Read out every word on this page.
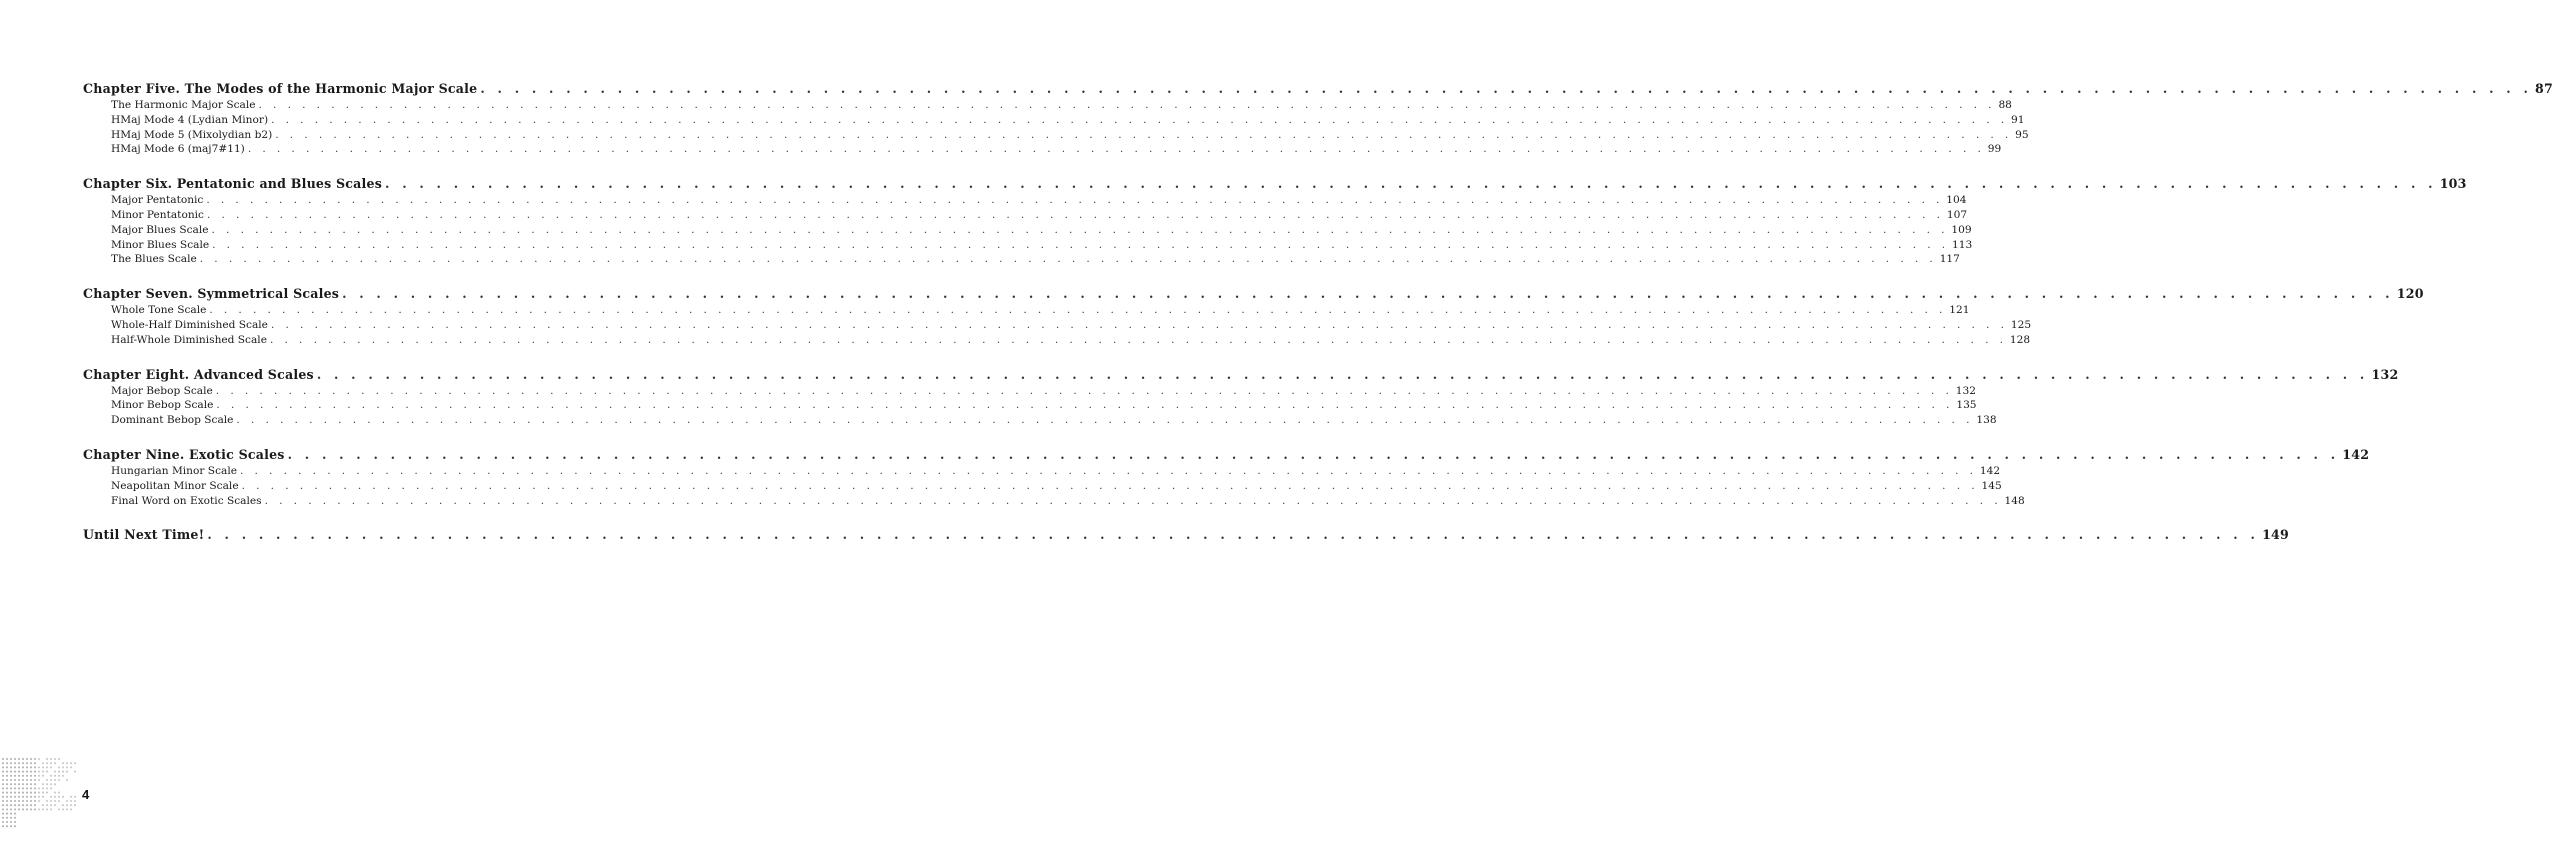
Chapter Five. The Modes of the Harmonic Major Scale . . . . . . . . . . . . . . . . . . . . . . . . . . . . . . . . . . . . . . . . . . . . . . . . . . . . . . . . . . . . . . . . . . . . . . . . . . . . . . . . . . . . . . . . . . . . . . . . . . . . . . . . . . . . . . . . . . . . . . . . 87
The Harmonic Major Scale . . . . . . . . . . . . . . . . . . . . . . . . . . . . . . . . . . . . . . . . . . . . . . . . . . . . . . . . . . . . . . . . . . . . . . . . . . . . . . . . . . . . . . . . . . . . . . . . . . . . . . . . . . . . . . . . . . . . . . . . 88
HMaj Mode 4 (Lydian Minor) . . . . . . . . . . . . . . . . . . . . . . . . . . . . . . . . . . . . . . . . . . . . . . . . . . . . . . . . . . . . . . . . . . . . . . . . . . . . . . . . . . . . . . . . . . . . . . . . . . . . . . . . . . . . . . . . . . . . . . . . 91
HMaj Mode 5 (Mixolydian b2) . . . . . . . . . . . . . . . . . . . . . . . . . . . . . . . . . . . . . . . . . . . . . . . . . . . . . . . . . . . . . . . . . . . . . . . . . . . . . . . . . . . . . . . . . . . . . . . . . . . . . . . . . . . . . . . . . . . . . . . . 95
HMaj Mode 6 (maj7#11) . . . . . . . . . . . . . . . . . . . . . . . . . . . . . . . . . . . . . . . . . . . . . . . . . . . . . . . . . . . . . . . . . . . . . . . . . . . . . . . . . . . . . . . . . . . . . . . . . . . . . . . . . . . . . . . . . . . . . . . . 99
Chapter Six. Pentatonic and Blues Scales . . . . . . . . . . . . . . . . . . . . . . . . . . . . . . . . . . . . . . . . . . . . . . . . . . . . . . . . . . . . . . . . . . . . . . . . . . . . . . . . . . . . . . . . . . . . . . . . . . . . . . . . . . . . . . . . . . . . . . . . 103
Major Pentatonic . . . . . . . . . . . . . . . . . . . . . . . . . . . . . . . . . . . . . . . . . . . . . . . . . . . . . . . . . . . . . . . . . . . . . . . . . . . . . . . . . . . . . . . . . . . . . . . . . . . . . . . . . . . . . . . . . . . . . . . . 104
Minor Pentatonic . . . . . . . . . . . . . . . . . . . . . . . . . . . . . . . . . . . . . . . . . . . . . . . . . . . . . . . . . . . . . . . . . . . . . . . . . . . . . . . . . . . . . . . . . . . . . . . . . . . . . . . . . . . . . . . . . . . . . . . . 107
Major Blues Scale . . . . . . . . . . . . . . . . . . . . . . . . . . . . . . . . . . . . . . . . . . . . . . . . . . . . . . . . . . . . . . . . . . . . . . . . . . . . . . . . . . . . . . . . . . . . . . . . . . . . . . . . . . . . . . . . . . . . . . . . 109
Minor Blues Scale . . . . . . . . . . . . . . . . . . . . . . . . . . . . . . . . . . . . . . . . . . . . . . . . . . . . . . . . . . . . . . . . . . . . . . . . . . . . . . . . . . . . . . . . . . . . . . . . . . . . . . . . . . . . . . . . . . . . . . . . 113
The Blues Scale . . . . . . . . . . . . . . . . . . . . . . . . . . . . . . . . . . . . . . . . . . . . . . . . . . . . . . . . . . . . . . . . . . . . . . . . . . . . . . . . . . . . . . . . . . . . . . . . . . . . . . . . . . . . . . . . . . . . . . . . 117
Chapter Seven. Symmetrical Scales . . . . . . . . . . . . . . . . . . . . . . . . . . . . . . . . . . . . . . . . . . . . . . . . . . . . . . . . . . . . . . . . . . . . . . . . . . . . . . . . . . . . . . . . . . . . . . . . . . . . . . . . . . . . . . . . . . . . . . . . 120
Whole Tone Scale . . . . . . . . . . . . . . . . . . . . . . . . . . . . . . . . . . . . . . . . . . . . . . . . . . . . . . . . . . . . . . . . . . . . . . . . . . . . . . . . . . . . . . . . . . . . . . . . . . . . . . . . . . . . . . . . . . . . . . . . 121
Whole-Half Diminished Scale . . . . . . . . . . . . . . . . . . . . . . . . . . . . . . . . . . . . . . . . . . . . . . . . . . . . . . . . . . . . . . . . . . . . . . . . . . . . . . . . . . . . . . . . . . . . . . . . . . . . . . . . . . . . . . . . . . . . . . . . 125
Half-Whole Diminished Scale . . . . . . . . . . . . . . . . . . . . . . . . . . . . . . . . . . . . . . . . . . . . . . . . . . . . . . . . . . . . . . . . . . . . . . . . . . . . . . . . . . . . . . . . . . . . . . . . . . . . . . . . . . . . . . . . . . . . . . . . 128
Chapter Eight. Advanced Scales . . . . . . . . . . . . . . . . . . . . . . . . . . . . . . . . . . . . . . . . . . . . . . . . . . . . . . . . . . . . . . . . . . . . . . . . . . . . . . . . . . . . . . . . . . . . . . . . . . . . . . . . . . . . . . . . . . . . . . . . 132
Major Bebop Scale . . . . . . . . . . . . . . . . . . . . . . . . . . . . . . . . . . . . . . . . . . . . . . . . . . . . . . . . . . . . . . . . . . . . . . . . . . . . . . . . . . . . . . . . . . . . . . . . . . . . . . . . . . . . . . . . . . . . . . . . 132
Minor Bebop Scale . . . . . . . . . . . . . . . . . . . . . . . . . . . . . . . . . . . . . . . . . . . . . . . . . . . . . . . . . . . . . . . . . . . . . . . . . . . . . . . . . . . . . . . . . . . . . . . . . . . . . . . . . . . . . . . . . . . . . . . . 135
Dominant Bebop Scale . . . . . . . . . . . . . . . . . . . . . . . . . . . . . . . . . . . . . . . . . . . . . . . . . . . . . . . . . . . . . . . . . . . . . . . . . . . . . . . . . . . . . . . . . . . . . . . . . . . . . . . . . . . . . . . . . . . . . . . . 138
Chapter Nine. Exotic Scales . . . . . . . . . . . . . . . . . . . . . . . . . . . . . . . . . . . . . . . . . . . . . . . . . . . . . . . . . . . . . . . . . . . . . . . . . . . . . . . . . . . . . . . . . . . . . . . . . . . . . . . . . . . . . . . . . . . . . . . . 142
Hungarian Minor Scale . . . . . . . . . . . . . . . . . . . . . . . . . . . . . . . . . . . . . . . . . . . . . . . . . . . . . . . . . . . . . . . . . . . . . . . . . . . . . . . . . . . . . . . . . . . . . . . . . . . . . . . . . . . . . . . . . . . . . . . . 142
Neapolitan Minor Scale . . . . . . . . . . . . . . . . . . . . . . . . . . . . . . . . . . . . . . . . . . . . . . . . . . . . . . . . . . . . . . . . . . . . . . . . . . . . . . . . . . . . . . . . . . . . . . . . . . . . . . . . . . . . . . . . . . . . . . . . 145
Final Word on Exotic Scales . . . . . . . . . . . . . . . . . . . . . . . . . . . . . . . . . . . . . . . . . . . . . . . . . . . . . . . . . . . . . . . . . . . . . . . . . . . . . . . . . . . . . . . . . . . . . . . . . . . . . . . . . . . . . . . . . . . . . . . . 148
Until Next Time! . . . . . . . . . . . . . . . . . . . . . . . . . . . . . . . . . . . . . . . . . . . . . . . . . . . . . . . . . . . . . . . . . . . . . . . . . . . . . . . . . . . . . . . . . . . . . . . . . . . . . . . . . . . . . . . . . . . . . . . . 149
4
